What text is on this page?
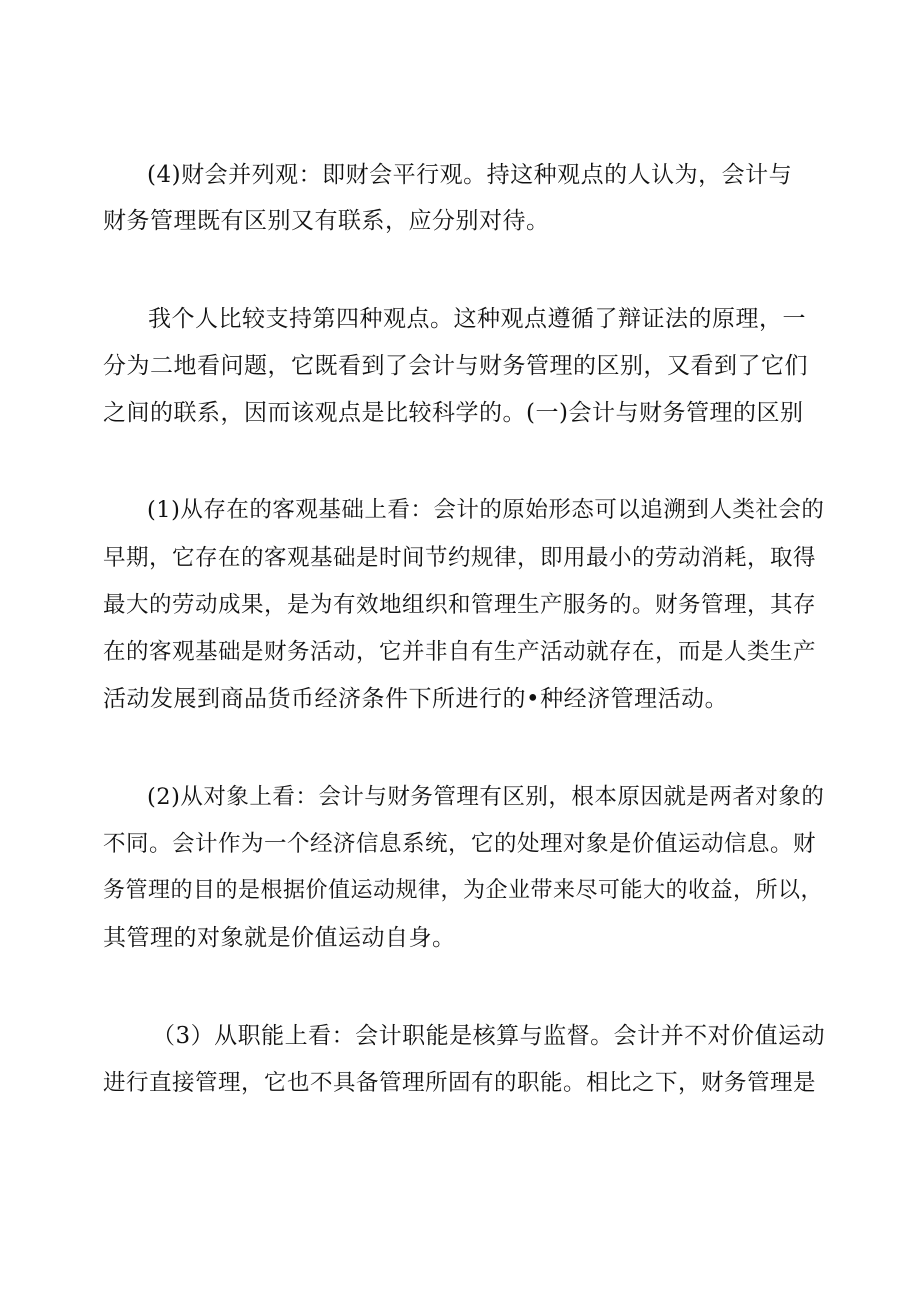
(4)财会并列观：即财会平行观。持这种观点的人认为，会计与
财务管理既有区别又有联系，应分别对待。
我个人比较支持第四种观点。这种观点遵循了辩证法的原理，一
分为二地看问题，它既看到了会计与财务管理的区别，又看到了它们
之间的联系，因而该观点是比较科学的。(一)会计与财务管理的区别
(1)从存在的客观基础上看：会计的原始形态可以追溯到人类社会的
早期，它存在的客观基础是时间节约规律，即用最小的劳动消耗，取得
最大的劳动成果，是为有效地组织和管理生产服务的。财务管理，其存
在的客观基础是财务活动，它并非自有生产活动就存在，而是人类生产
活动发展到商品货币经济条件下所进行的•种经济管理活动。
(2)从对象上看：会计与财务管理有区别，根本原因就是两者对象的
不同。会计作为一个经济信息系统，它的处理对象是价值运动信息。财
务管理的目的是根据价值运动规律，为企业带来尽可能大的收益，所以，
其管理的对象就是价值运动自身。
（3）从职能上看：会计职能是核算与监督。会计并不对价值运动
进行直接管理，它也不具备管理所固有的职能。相比之下，财务管理是
